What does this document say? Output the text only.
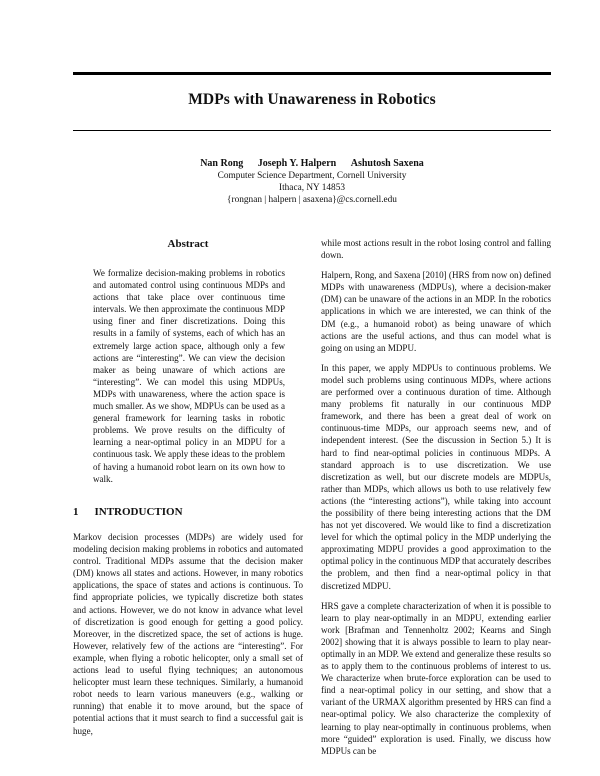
MDPs with Unawareness in Robotics
Nan Rong Joseph Y. Halpern Ashutosh Saxena
Computer Science Department, Cornell University
Ithaca, NY 14853
{rongnan | halpern | asaxena}@cs.cornell.edu
Abstract
We formalize decision-making problems in robotics and automated control using continuous MDPs and actions that take place over continuous time intervals. We then approximate the continuous MDP using finer and finer discretizations. Doing this results in a family of systems, each of which has an extremely large action space, although only a few actions are “interesting”. We can view the decision maker as being unaware of which actions are “interesting”. We can model this using MDPUs, MDPs with unawareness, where the action space is much smaller. As we show, MDPUs can be used as a general framework for learning tasks in robotic problems. We prove results on the difficulty of learning a near-optimal policy in an MDPU for a continuous task. We apply these ideas to the problem of having a humanoid robot learn on its own how to walk.
1 INTRODUCTION

Markov decision processes (MDPs) are widely used for modeling decision making problems in robotics and automated control. Traditional MDPs assume that the decision maker (DM) knows all states and actions. However, in many robotics applications, the space of states and actions is continuous. To find appropriate policies, we typically discretize both states and actions. However, we do not know in advance what level of discretization is good enough for getting a good policy. Moreover, in the discretized space, the set of actions is huge. However, relatively few of the actions are “interesting”. For example, when flying a robotic helicopter, only a small set of actions lead to useful flying techniques; an autonomous helicopter must learn these techniques. Similarly, a humanoid robot needs to learn various maneuvers (e.g., walking or running) that enable it to move around, but the space of potential actions that it must search to find a successful gait is huge,

while most actions result in the robot losing control and falling down.

Halpern, Rong, and Saxena [2010] (HRS from now on) defined MDPs with unawareness (MDPUs), where a decision-maker (DM) can be unaware of the actions in an MDP. In the robotics applications in which we are interested, we can think of the DM (e.g., a humanoid robot) as being unaware of which actions are the useful actions, and thus can model what is going on using an MDPU.

In this paper, we apply MDPUs to continuous problems. We model such problems using continuous MDPs, where actions are performed over a continuous duration of time. Although many problems fit naturally in our continuous MDP framework, and there has been a great deal of work on continuous-time MDPs, our approach seems new, and of independent interest. (See the discussion in Section 5.) It is hard to find near-optimal policies in continuous MDPs. A standard approach is to use discretization. We use discretization as well, but our discrete models are MDPUs, rather than MDPs, which allows us both to use relatively few actions (the “interesting actions”), while taking into account the possibility of there being interesting actions that the DM has not yet discovered. We would like to find a discretization level for which the optimal policy in the MDP underlying the approximating MDPU provides a good approximation to the optimal policy in the continuous MDP that accurately describes the problem, and then find a near-optimal policy in that discretized MDPU.

HRS gave a complete characterization of when it is possible to learn to play near-optimally in an MDPU, extending earlier work [Brafman and Tennenholtz 2002; Kearns and Singh 2002] showing that it is always possible to learn to play near-optimally in an MDP. We extend and generalize these results so as to apply them to the continuous problems of interest to us. We characterize when brute-force exploration can be used to find a near-optimal policy in our setting, and show that a variant of the URMAX algorithm presented by HRS can find a near-optimal policy. We also characterize the complexity of learning to play near-optimally in continuous problems, when more “guided” exploration is used. Finally, we discuss how MDPUs can be
